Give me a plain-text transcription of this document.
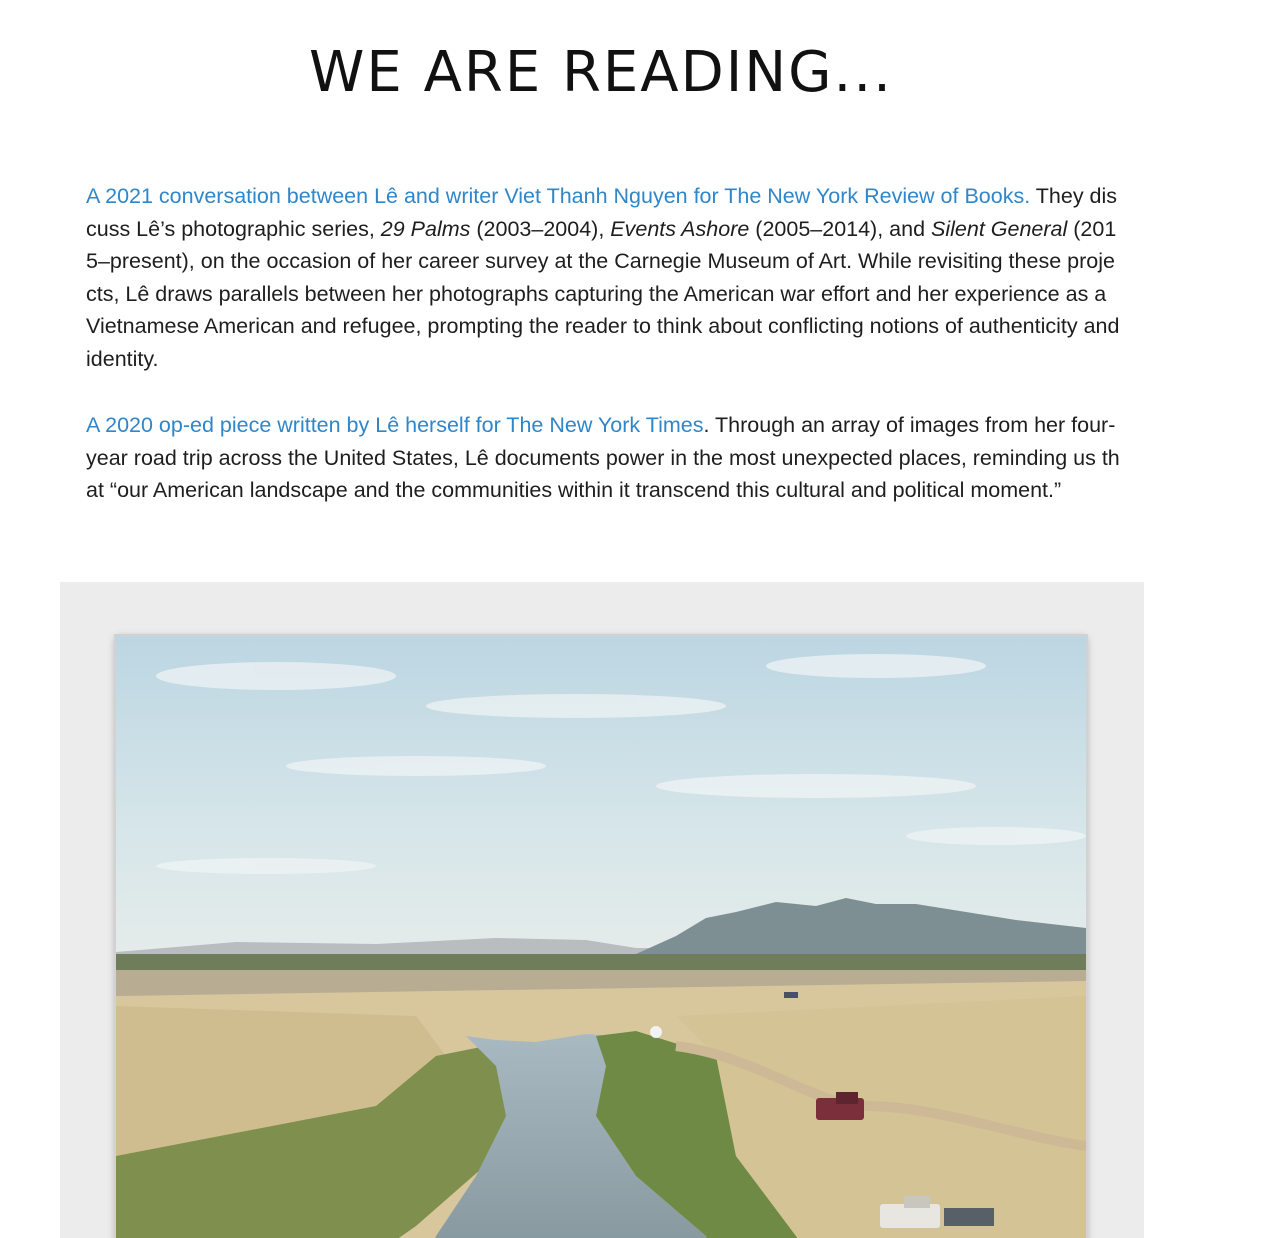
WE ARE READING...

A 2021 conversation between Lê and writer Viet Thanh Nguyen for The New York Review of Books. They discuss Lê’s photographic series, 29 Palms (2003–2004), Events Ashore (2005–2014), and Silent General (2015–present), on the occasion of her career survey at the Carnegie Museum of Art. While revisiting these projects, Lê draws parallels between her photographs capturing the American war effort and her experience as a Vietnamese American and refugee, prompting the reader to think about conflicting notions of authenticity and identity.

A 2020 op-ed piece written by Lê herself for The New York Times. Through an array of images from her four-year road trip across the United States, Lê documents power in the most unexpected places, reminding us that “our American landscape and the communities within it transcend this cultural and political moment.”
